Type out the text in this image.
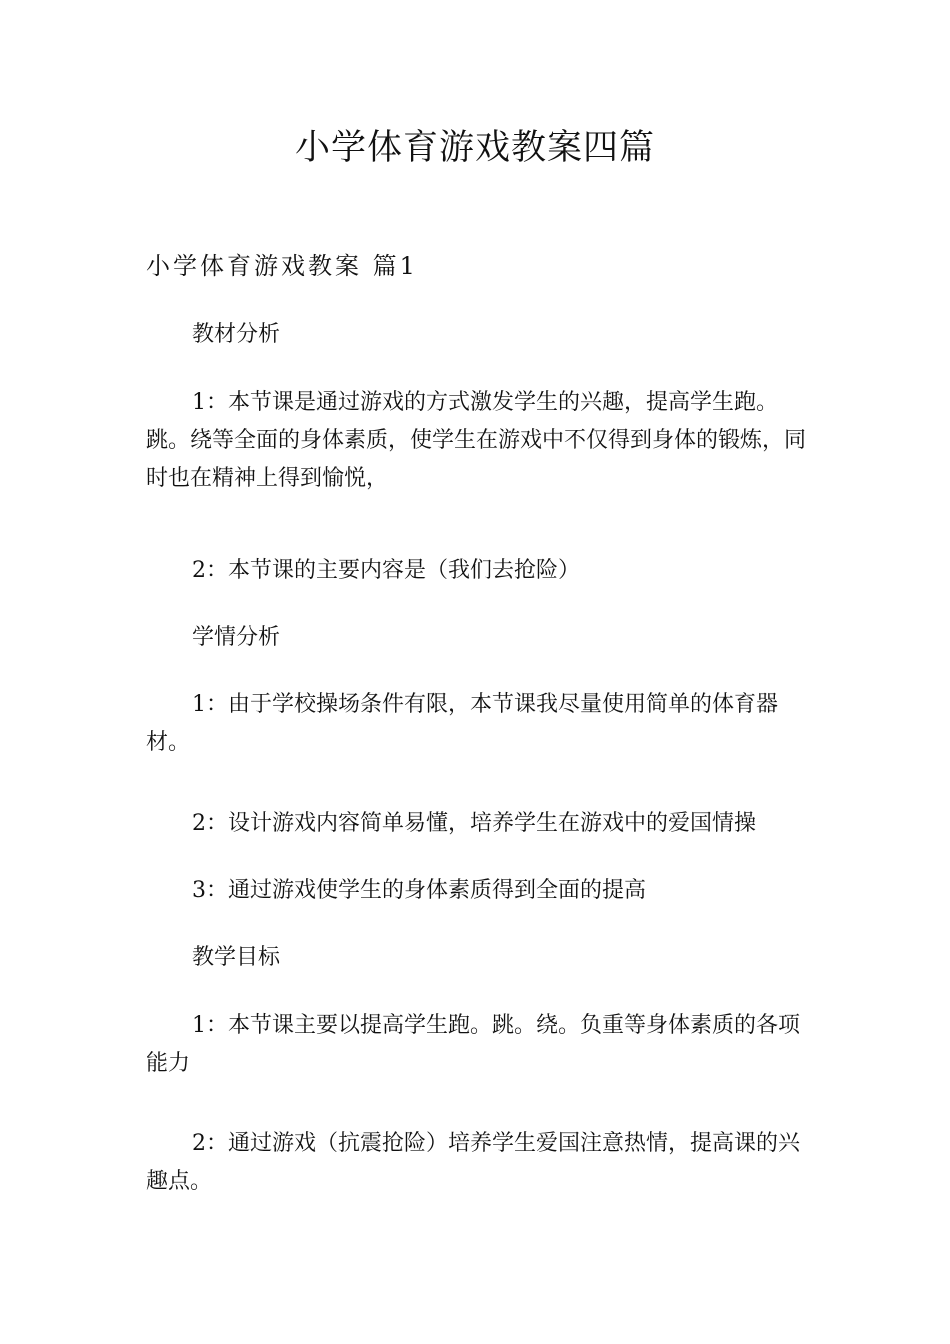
小学体育游戏教案四篇
小学体育游戏教案 篇1

教材分析

1：本节课是通过游戏的方式激发学生的兴趣，提高学生跑。跳。绕等全面的身体素质，使学生在游戏中不仅得到身体的锻炼，同时也在精神上得到愉悦，

2：本节课的主要内容是（我们去抢险）

学情分析

1：由于学校操场条件有限，本节课我尽量使用简单的体育器材。

2：设计游戏内容简单易懂，培养学生在游戏中的爱国情操

3：通过游戏使学生的身体素质得到全面的提高

教学目标

1：本节课主要以提高学生跑。跳。绕。负重等身体素质的各项能力

2：通过游戏（抗震抢险）培养学生爱国注意热情，提高课的兴趣点。
